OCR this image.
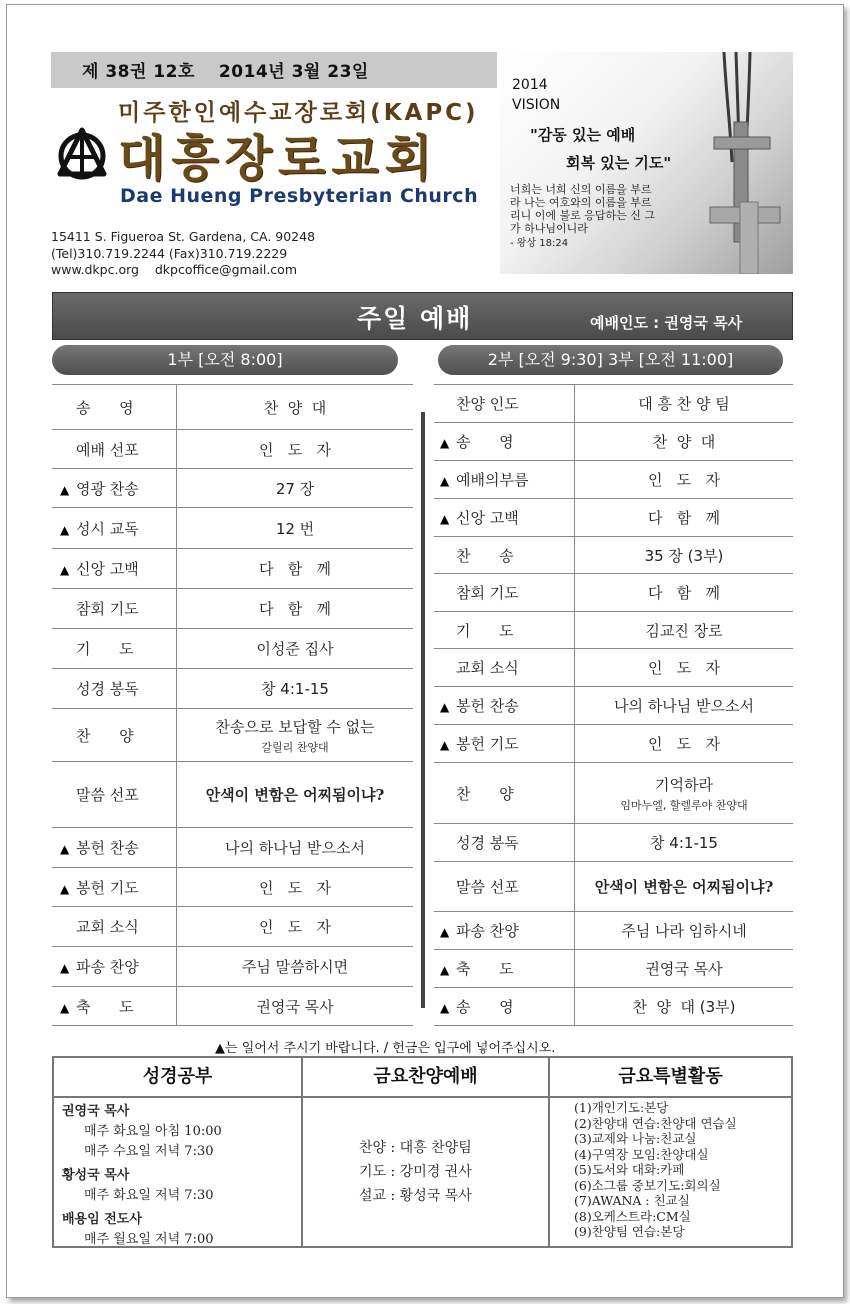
제 38권 12호 2014년 3월 23일
미주한인예수교장로회(KAPC)
대흥장로교회
Dae Hueng Presbyterian Church
15411 S. Figueroa St. Gardena, CA. 90248
(Tel)310.719.2244 (Fax)310.719.2229
www.dkpc.org    dkpcoffice@gmail.com
2014
VISION
"감동 있는 예배
회복 있는 기도"
너희는 너희 신의 이름을 부르라 나는 여호와의 이름을 부르리니 이에 불로 응답하는 신 그가 하나님이니라
- 왕상 18:24
주일 예배	예배인도 : 권영국 목사
1부 [오전 8:00]	2부 [오전 9:30] 3부 [오전 11:00]
송      영	찬  양  대
예배 선포	인   도   자
▲ 영광 찬송	27 장
▲ 성시 교독	12 번
▲ 신앙 고백	다   함   께
참회 기도	다   함   께
기      도	이성준 집사
성경 봉독	창 4:1-15
찬      양	찬송으로 보답할 수 없는
갈릴리 찬양대

말씀 선포	안색이 변함은 어찌됨이냐?
▲ 봉헌 찬송	나의 하나님 받으소서
▲ 봉헌 기도	인   도   자
교회 소식	인   도   자
▲ 파송 찬양	주님 말씀하시면
▲ 축      도	권영국 목사
찬양 인도	대 흥 찬 양 팀
▲ 송      영	찬  양  대
▲ 예배의부름	인   도   자
▲ 신앙 고백	다   함   께
찬      송	35 장 (3부)
참회 기도	다   함   께
기      도	김교진 장로
교회 소식	인   도   자
▲ 봉헌 찬송	나의 하나님 받으소서
▲ 봉헌 기도	인   도   자
찬      양	기억하라
임마누엘, 할렐루야 찬양대

성경 봉독	창 4:1-15
말씀 선포	안색이 변함은 어찌됨이냐?
▲ 파송 찬양	주님 나라 임하시네
▲ 축      도	권영국 목사
▲ 송      영	찬  양  대 (3부)
▲는 일어서 주시기 바랍니다. / 헌금은 입구에 넣어주십시오.
성경공부
권영국 목사
매주 화요일 아침 10:00
매주 수요일 저녁 7:30
황성국 목사
매주 화요일 저녁 7:30
배용임 전도사
매주 월요일 저녁 7:00
금요찬양예배
찬양 : 대흥 찬양팀
기도 : 강미경 권사
설교 : 황성국 목사
금요특별활동
(1)개인기도:본당
(2)찬양대 연습:찬양대 연습실
(3)교제와 나눔:친교실
(4)구역장 모임:찬양대실
(5)도서와 대화:카페
(6)소그룹 중보기도:회의실
(7)AWANA : 친교실
(8)오케스트라:CM실
(9)찬양팀 연습:본당
